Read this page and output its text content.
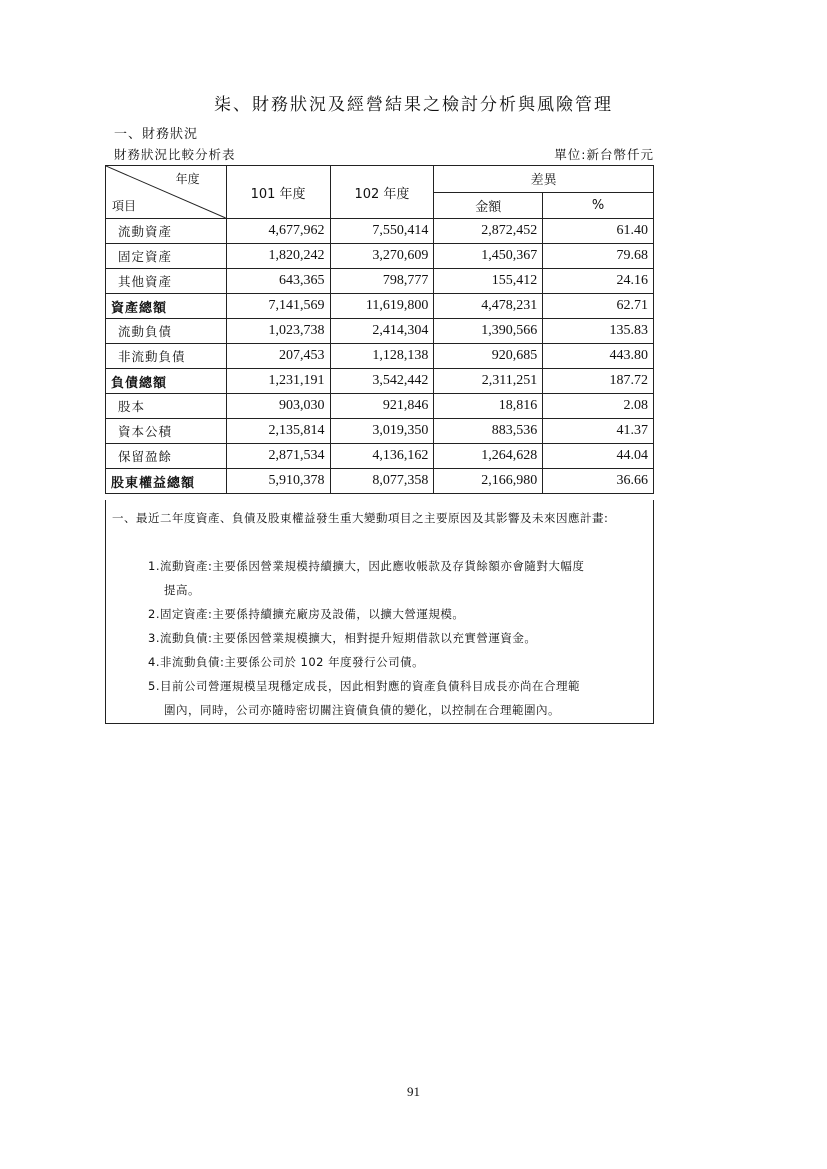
柒、財務狀況及經營結果之檢討分析與風險管理
一、財務狀況
財務狀況比較分析表	單位:新台幣仟元
年度
項目	101 年度	102 年度	差異	
			金額	%
流動資產	4,677,962	7,550,414	2,872,452	61.40
固定資產	1,820,242	3,270,609	1,450,367	79.68
其他資產	643,365	798,777	155,412	24.16
資產總額	7,141,569	11,619,800	4,478,231	62.71
流動負債	1,023,738	2,414,304	1,390,566	135.83
非流動負債	207,453	1,128,138	920,685	443.80
負債總額	1,231,191	3,542,442	2,311,251	187.72
股本	903,030	921,846	18,816	2.08
資本公積	2,135,814	3,019,350	883,536	41.37
保留盈餘	2,871,534	4,136,162	1,264,628	44.04
股東權益總額	5,910,378	8,077,358	2,166,980	36.66
一、最近二年度資產、負債及股東權益發生重大變動項目之主要原因及其影響及未來因應計畫:
1.流動資產:主要係因營業規模持續擴大，因此應收帳款及存貨餘額亦會隨對大幅度
提高。
2.固定資產:主要係持續擴充廠房及設備，以擴大營運規模。
3.流動負債:主要係因營業規模擴大，相對提升短期借款以充實營運資金。
4.非流動負債:主要係公司於 102 年度發行公司債。
5.目前公司營運規模呈現穩定成長，因此相對應的資產負債科目成長亦尚在合理範
圍內，同時，公司亦隨時密切關注資債負債的變化，以控制在合理範圍內。
91
